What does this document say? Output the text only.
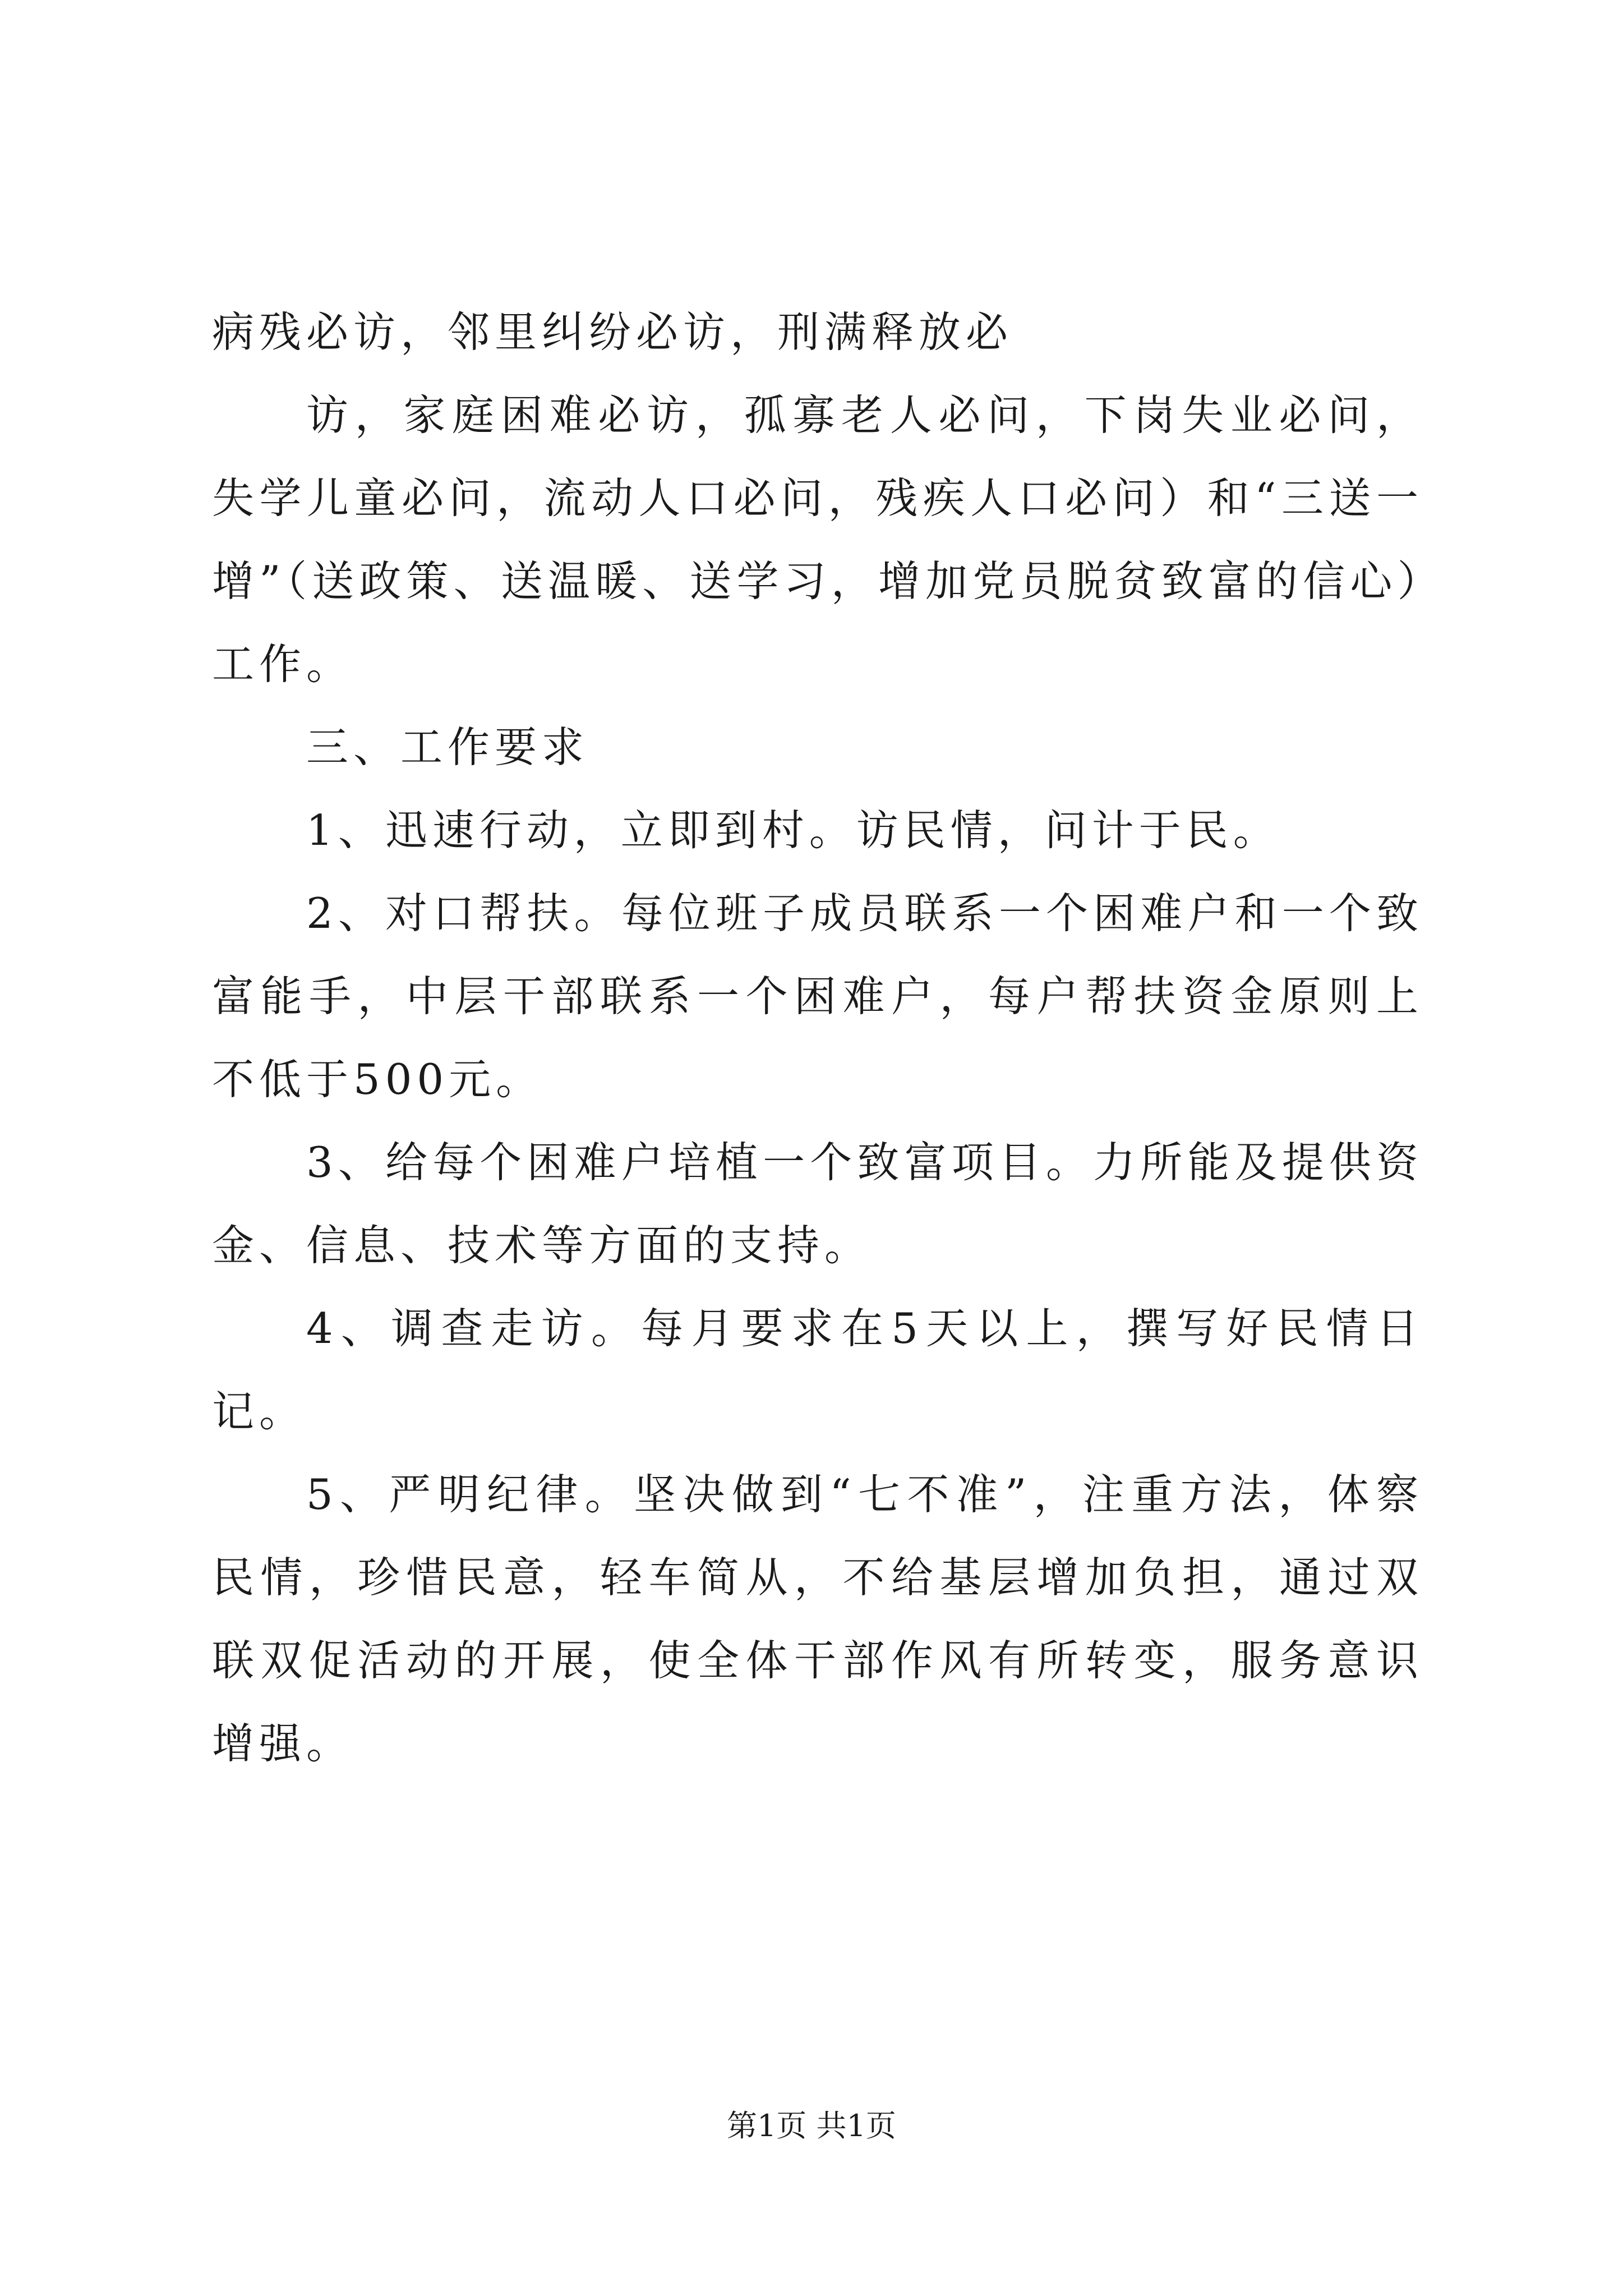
病残必访，邻里纠纷必访，刑满释放必

访，家庭困难必访，孤寡老人必问，下岗失业必问，失学儿童必问，流动人口必问，残疾人口必问）和“三送一增”（送政策、送温暖、送学习，增加党员脱贫致富的信心）工作。

三、工作要求

1、迅速行动，立即到村。访民情，问计于民。

2、对口帮扶。每位班子成员联系一个困难户和一个致富能手，中层干部联系一个困难户，每户帮扶资金原则上不低于500元。

3、给每个困难户培植一个致富项目。力所能及提供资金、信息、技术等方面的支持。

4、调查走访。每月要求在5天以上，撰写好民情日记。

5、严明纪律。坚决做到“七不准”，注重方法，体察民情，珍惜民意，轻车简从，不给基层增加负担，通过双联双促活动的开展，使全体干部作风有所转变，服务意识增强。

第1页 共1页
